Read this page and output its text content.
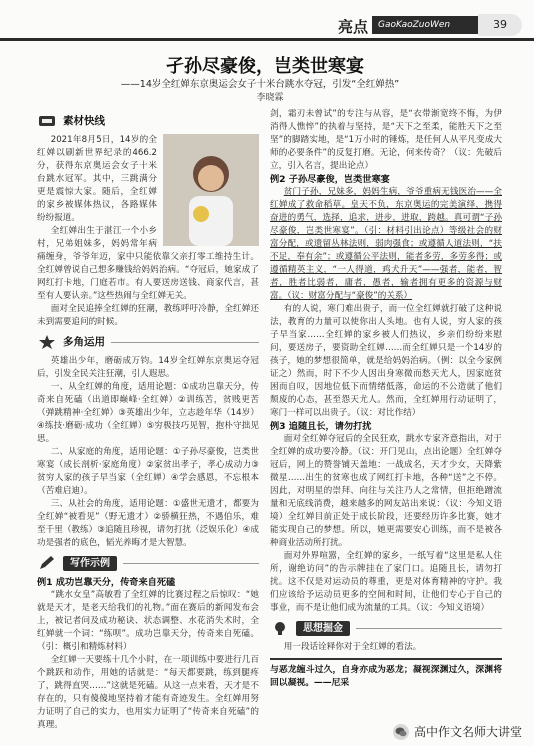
亮点	GaoKaoZuoWen	39
孑孙尽豪俊，岂类世寒宴
——14岁全红婵东京奥运会女子十米台跳水夺冠，引发“全红婵热”
李晓霖
素材快线

2021年8月5日，14岁的全红婵以刷新世界纪录的466.2分，获得东京奥运会女子十米台跳水冠军。其中，三跳满分更是震惊大家。随后，全红婵的家乡被媒体热议，各路媒体纷纷报道。

全红婵出生于湛江一个小乡村，兄弟姐妹多，妈妈常年病痛缠身，爷爷年迈，家中只能依靠父亲打零工维持生计。全红婵曾说自己想多赚钱给妈妈治病。“夺冠后，她家成了网红打卡地，门庭若市。有人要送房送钱、商家代言，甚至有人要认亲。”这些热闹与全红婵无关。

面对全民追捧全红婵的狂潮，教练呼吁冷静，全红婵还未到需要追问的时候。

多角运用

英雄出少年，磨砺成万钧。14岁全红婵东京奥运夺冠后，引发全民关注狂潮，引人遐思。

一、从全红婵的角度，适用论题：①成功岂靠天分，传奇来自死磕（出道即巅峰·全红婵）②训练苦，贫贱更苦（弹跳精神·全红婵）③英雄出少年，立志趁年华（14岁）④练技·磨砺·成功（全红婵）⑤穷极技巧见智，抱朴守拙见思。

二、从家庭的角度，适用论题：①子孙尽豪俊，岂类世寒宴（成长剖析·家庭角度）②家贫出孝子，孝心成动力③贫穷人家的孩子早当家（全红婵）④学会感恩，不忘根本（苦难启迪）。

三、从社会的角度，适用论题：①盛世无遗才，都要为全红婵“被看见”（野无遗才）②骄横狂热，不遇伯乐，难至千里（教练）③追随且珍视，请勿打扰（泛娱乐化）④成功是强者的底色，韬光养晦才是大智慧。

写作示例

例1 成功岂靠天分，传奇来自死磕

“跳水女皇”高敏看了全红婵的比赛过程之后惊叹：“她就是天才，是老天给我们的礼物。”面在赛后的新闻发布会上，被记者问及成功秘诀、状态调整、水花消失术时，全红婵就一个词：“练呗”。成功岂靠天分，传奇来自死磕。（引：概引和精炼材料）

全红婵一天要练十几个小时，在一项训练中要进行几百个跳跃和动作，用她的话就是：“每天都要跳，练到腿疼了，跳得直哭……”这就是死磕。从这一点来看，天才是不存在的，只有傻傻地坚持着才能有奇迹发生。全红婵用努力证明了自己的实力，也用实力证明了“传奇来自死磕”的真理。

剑，霜刃未曾试”的专注与从容，是“衣带渐宽终不悔，为伊消得人憔悴”的执着与坚持，是“天下之至柔，能胜天下之至坚”的脚踏实地，是“1万小时的锤炼，是任何人从平凡变成大师的必要条件”的反复打磨。无论，何来传奇？（议：先破后立，引入名言，提出论点）

例2 子孙尽豪俊，岂类世寒宴

贫门子孙，兄妹多，妈妈生病，爷爷重病无钱医治——全红婵成了救命稻草。皇天不负，东京奥运的完美演绎，携得奋进的勇气，选择，追求，进步，进取，跨越。真可谓“子孙尽豪俊，岂类世寒宴”。（引：材料引出论点）等级社会的财富分配，或遗留丛林法则，弱肉强食；或遵循人道法则，“扶不足，奉有余”；或遵循公平法则，能者多劳，多劳多得；或遵循精英主义，“一人得道，鸡犬升天”——强者，能者，智者，胜者比弱者，庸者，愚者，输者拥有更多的资源与财富。（议：财富分配与“豪俊”的关系）

有的人说，寒门难出贵子，而一位全红婵就打破了这种说法，教育的力量可以使你出人头地。也有人说，穷人家的孩子早当家……全红婵的家乡被人们热议，乡亲们纷纷来慰问，要送房子，要资助全红婵……而全红婵只是一个14岁的孩子，她的梦想很简单，就是给妈妈治病。（例：以全今家例证之）然而，时下不少人因出身寒微而愁天尤人，因家庭贫困而自叹，因地位低下而情绪低落，命运的不公造就了他们颓废的心态，甚至怨天尤人。然而，全红婵用行动证明了，寒门一样可以出贵子。（议：对比作结）

例3 追随且长，请勿打扰

面对全红婵夺冠后的全民狂欢，跳水专家齐意指出，对于全红婵的成功要冷静。（议：开门见山，点出论题）全红婵夺冠后，网上的赞誉铺天盖地：一战成名，天才少女，天降紫微星……出生的贫寒也成了网红打卡地，各种“送”之不停。因此，对明星的崇拜、向往与关注乃人之常情，但拒绝蹭流量和无底线消费，越来越多的网友站出来说：（议：今知义语境）全红婵目前正处于成长阶段，还要经历许多比赛，她才能实现自己的梦想。所以，她更需要安心训练，而不是被各种商业活动所打扰。

面对外界喧嚣，全红婵的家乡，一纸写着“这里是私人住所，谢绝访问”的告示牌挂在了家门口。追随且长，请勿打扰。这不仅是对运动员的尊重，更是对体育精神的守护。我们应该给予运动员更多的空间和时间，让他们专心于自己的事业，而不是让他们成为流量的工具。（议：今知义语境）

思想掘金

用一段话诠释你对于全红婵的看法。

与恶龙缠斗过久，自身亦成为恶龙；凝视深渊过久，深渊将回以凝视。——尼采

高中作文名师大讲堂
